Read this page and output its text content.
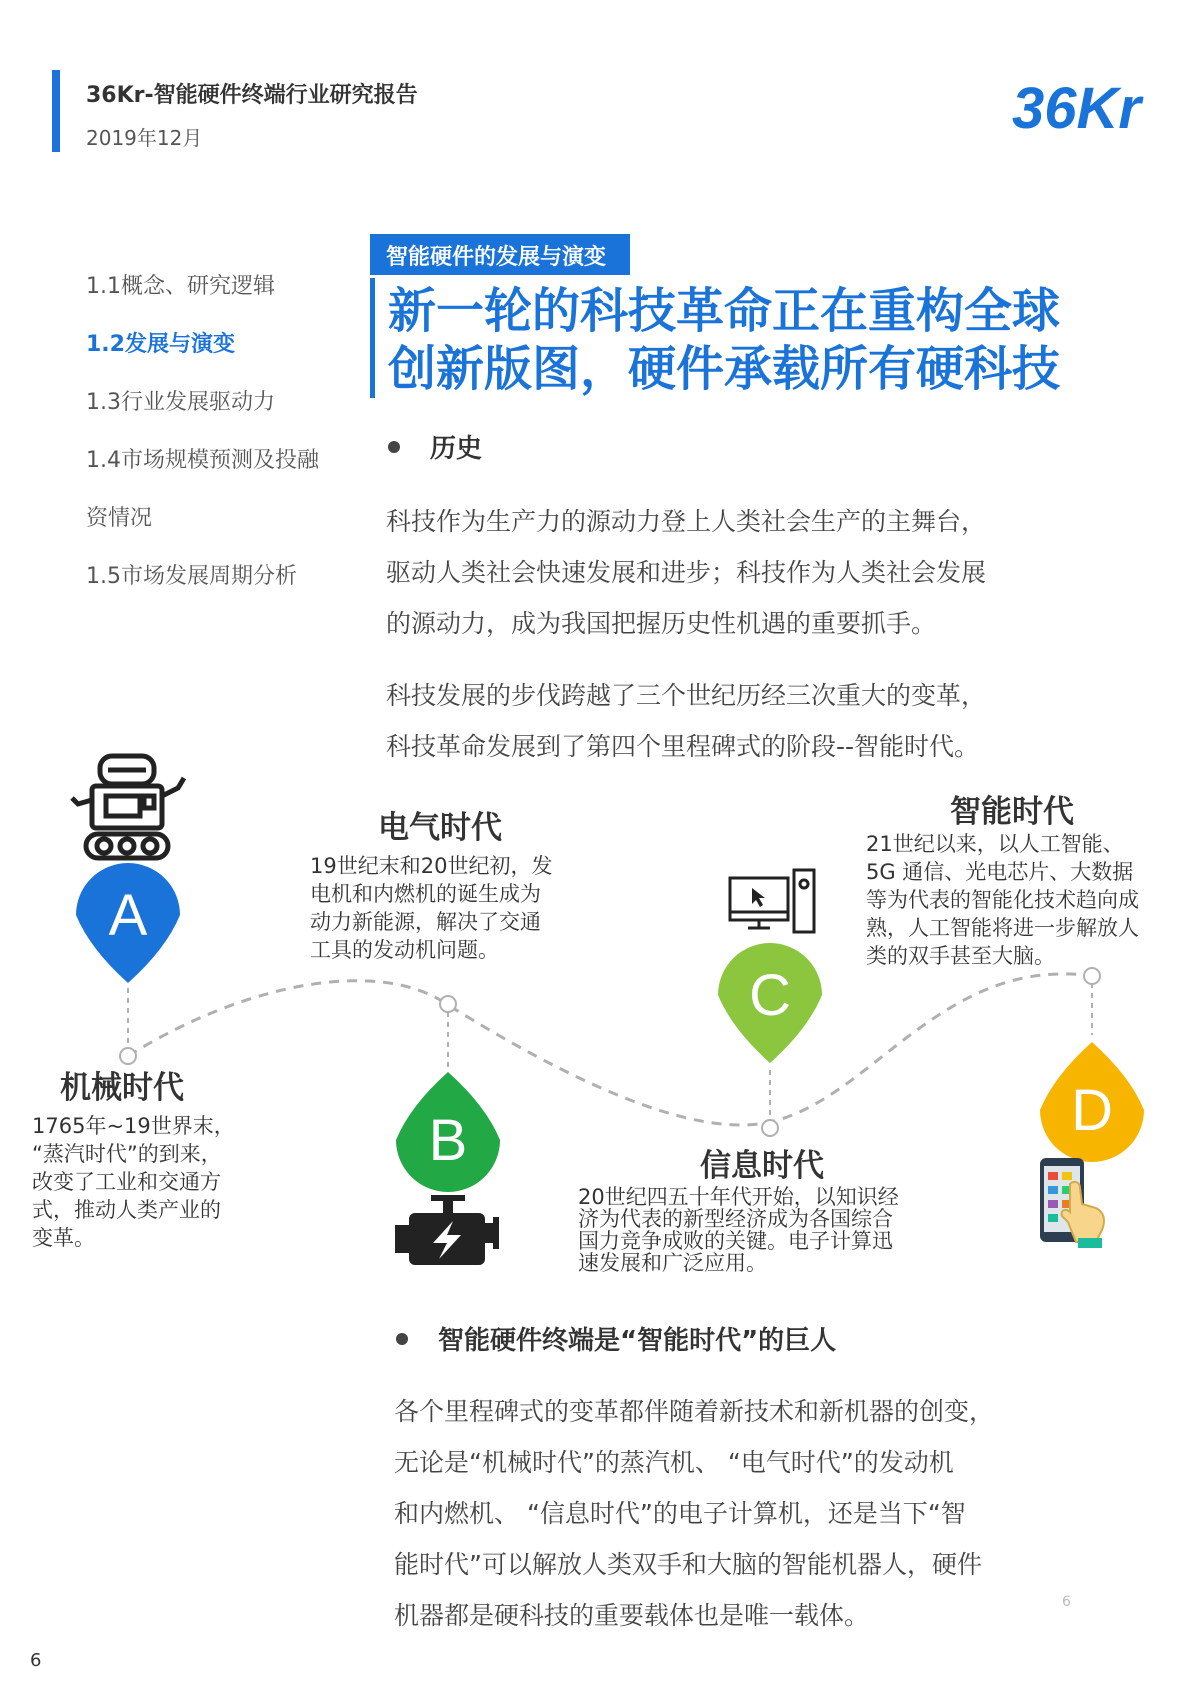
36Kr-智能硬件终端行业研究报告
2019年12月	36Kr
1.1概念、研究逻辑
1.2发展与演变
1.3行业发展驱动力
1.4市场规模预测及投融
资情况
1.5市场发展周期分析
智能硬件的发展与演变
新一轮的科技革命正在重构全球
创新版图，硬件承载所有硬科技
历史
科技作为生产力的源动力登上人类社会生产的主舞台，
驱动人类社会快速发展和进步；科技作为人类社会发展
的源动力，成为我国把握历史性机遇的重要抓手。
科技发展的步伐跨越了三个世纪历经三次重大的变革，
科技革命发展到了第四个里程碑式的阶段--智能时代。
A
B
C
D
机械时代
1765年~19世界末，
“蒸汽时代”的到来，
改变了工业和交通方
式，推动人类产业的
变革。
电气时代
19世纪末和20世纪初，发
电机和内燃机的诞生成为
动力新能源，解决了交通
工具的发动机问题。
信息时代
20世纪四五十年代开始，以知识经
济为代表的新型经济成为各国综合
国力竞争成败的关键。电子计算迅
速发展和广泛应用。
智能时代
21世纪以来，以人工智能、
5G 通信、光电芯片、大数据
等为代表的智能化技术趋向成
熟，人工智能将进一步解放人
类的双手甚至大脑。
智能硬件终端是“智能时代”的巨人
各个里程碑式的变革都伴随着新技术和新机器的创变，
无论是“机械时代”的蒸汽机、 “电气时代”的发动机
和内燃机、 “信息时代”的电子计算机，还是当下“智
能时代”可以解放人类双手和大脑的智能机器人，硬件
机器都是硬科技的重要载体也是唯一载体。	6
6
